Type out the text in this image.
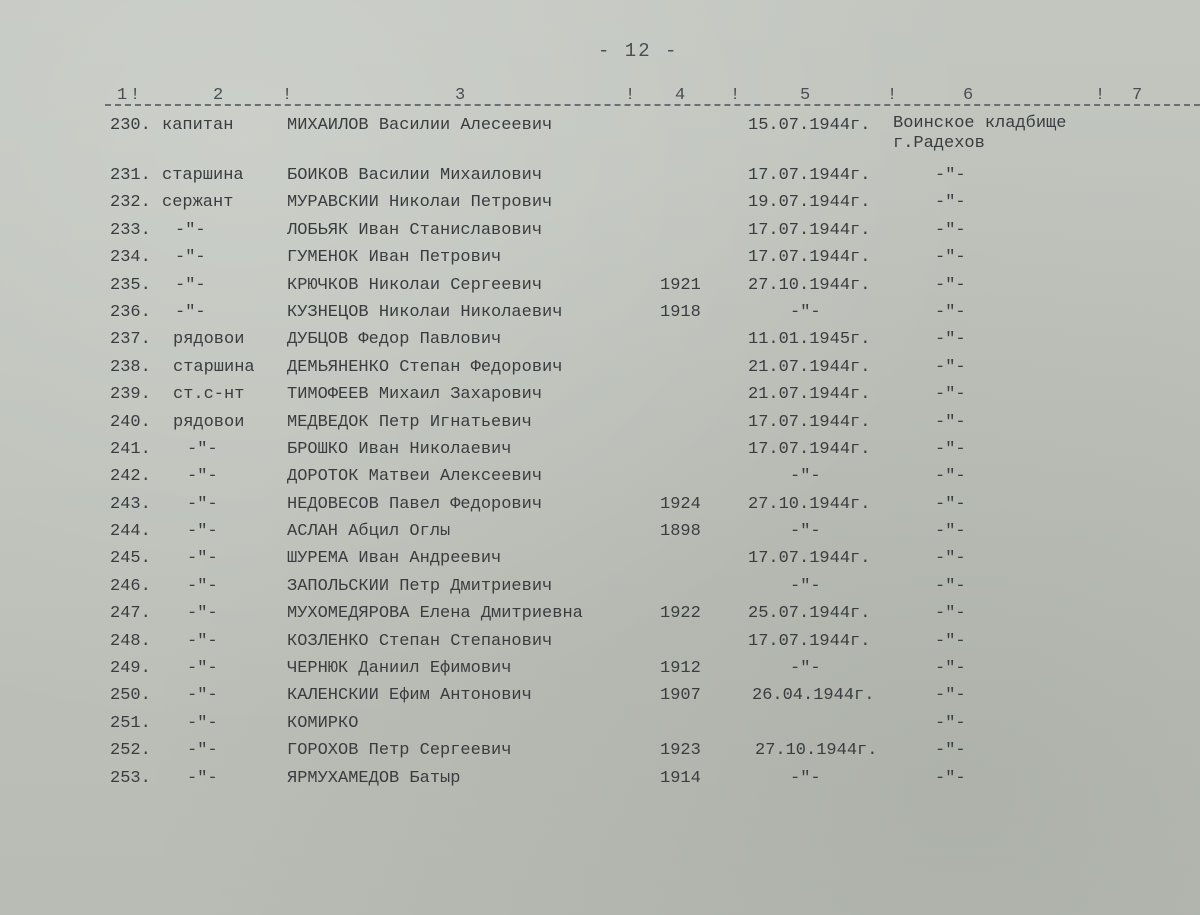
- 12 -
1 !	2	!	3	! 4	!	5	!	6	! 7
230. капитан	МИХАИЛОВ Василии Алесеевич	15.07.1944г. Воинское кладбище
г.Радехов
231. старшина	БОИКОВ Василии Михаилович	17.07.1944г.	-"-
232. сержант	МУРАВСКИИ Николаи Петрович	19.07.1944г.	-"-
233. -"-	ЛОБЬЯК Иван Станиславович	17.07.1944г.	-"-
234. -"-	ГУМЕНОК Иван Петрович	17.07.1944г.	-"-
235. -"-	КРЮЧКОВ Николаи Сергеевич	1921	27.10.1944г.	-"-
236. -"-	КУЗНЕЦОВ Николаи Николаевич	1918	-"-	-"-
237. рядовои	ДУБЦОВ Федор Павлович	11.01.1945г.	-"-
238. старшина ДЕМЬЯНЕНКО Степан Федорович	21.07.1944г.	-"-
239. ст.с-нт	ТИМОФЕЕВ Михаил Захарович	21.07.1944г.	-"-
240. рядовои	МЕДВЕДОК Петр Игнатьевич	17.07.1944г.	-"-
241. -"-	БРОШКО Иван Николаевич	17.07.1944г.	-"-
242. -"-	ДОРОТОК Матвеи Алексеевич	-"-	-"-
243. -"-	НЕДОВЕСОВ Павел Федорович	1924	27.10.1944г.	-"-
244. -"-	АСЛАН Абцил Оглы	1898	-"-	-"-
245. -"-	ШУРЕМА Иван Андреевич	17.07.1944г.	-"-
246. -"-	ЗАПОЛЬСКИИ Петр Дмитриевич	-"-	-"-
247. -"-	МУХОМЕДЯРОВА Елена Дмитриевна	1922	25.07.1944г.	-"-
248. -"-	КОЗЛЕНКО Степан Степанович	17.07.1944г.	-"-
249. -"-	ЧЕРНЮК Даниил Ефимович	1912	-"-	-"-
250. -"-	КАЛЕНСКИИ Ефим Антонович	1907	26.04.1944г.	-"-
251. -"-	КОМИРКО	-"-
252. -"-	ГОРОХОВ Петр Сергеевич	1923	27.10.1944г.	-"-
253. -"-	ЯРМУХАМЕДОВ Батыр	1914	-"-	-"-
